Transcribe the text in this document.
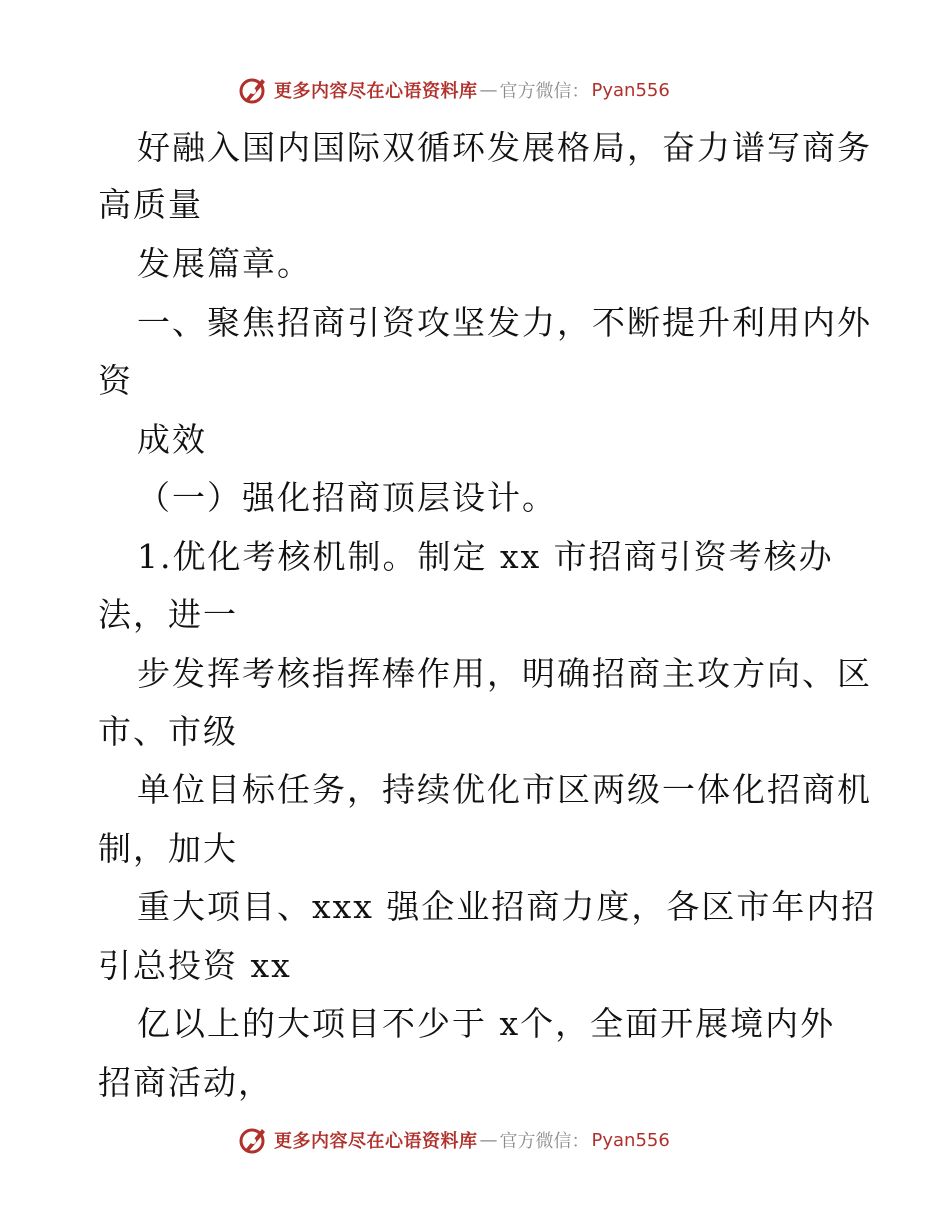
更多内容尽在心语资料库 — 官方微信： Pyan556
好融入国内国际双循环发展格局，奋力谱写商务
高质量
发展篇章。
一、聚焦招商引资攻坚发力，不断提升利用内外
资
成效
（一）强化招商顶层设计。
1.优化考核机制。制定 xx 市招商引资考核办
法，进一
步发挥考核指挥棒作用，明确招商主攻方向、区
市、市级
单位目标任务，持续优化市区两级一体化招商机
制，加大
重大项目、xxx 强企业招商力度，各区市年内招
引总投资 xx
亿以上的大项目不少于 x个，全面开展境内外
招商活动，
更多内容尽在心语资料库 — 官方微信： Pyan556
